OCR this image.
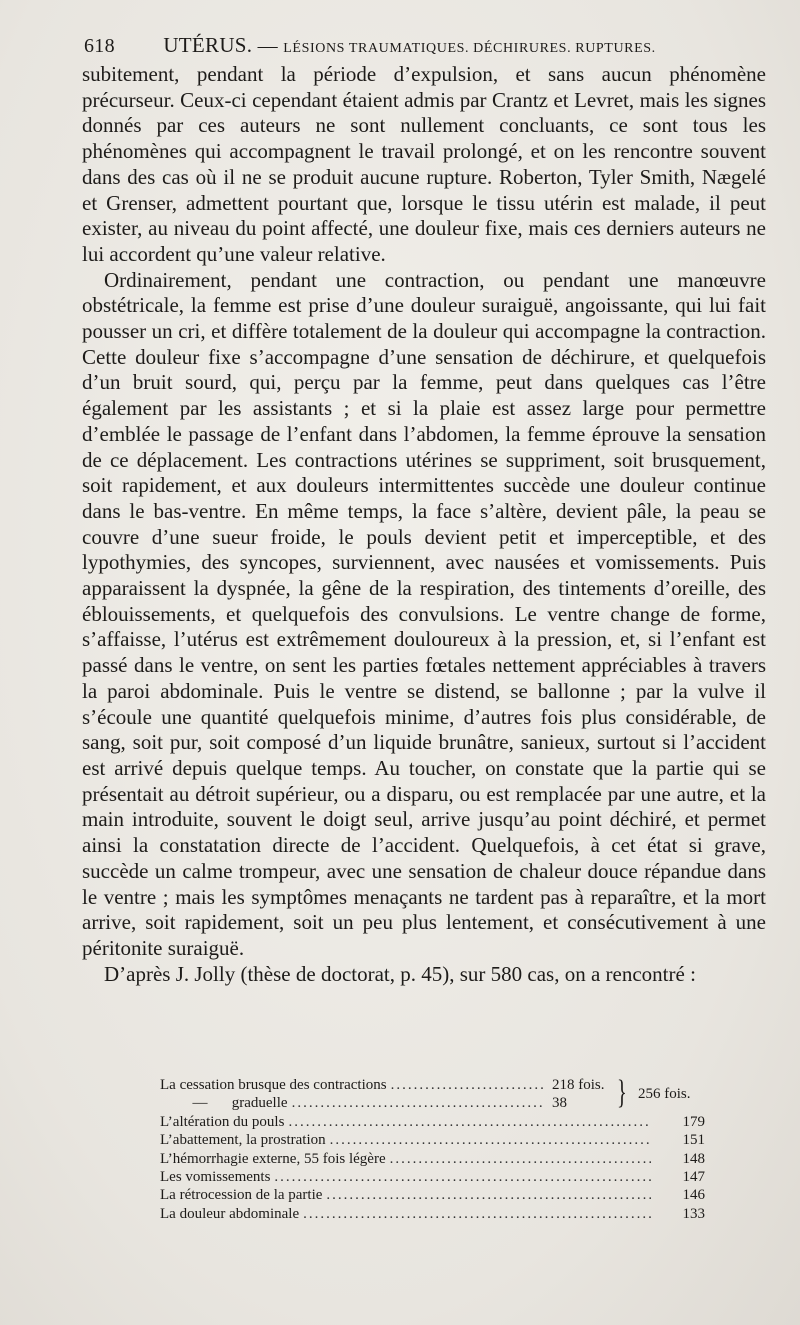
618 UTÉRUS. — LÉSIONS TRAUMATIQUES. DÉCHIRURES. RUPTURES.

subitement, pendant la période d’expulsion, et sans aucun phénomène précurseur. Ceux-ci cependant étaient admis par Crantz et Levret, mais les signes donnés par ces auteurs ne sont nullement concluants, ce sont tous les phénomènes qui accompagnent le travail prolongé, et on les rencontre souvent dans des cas où il ne se produit aucune rupture. Roberton, Tyler Smith, Nægelé et Grenser, admettent pourtant que, lorsque le tissu utérin est malade, il peut exister, au niveau du point affecté, une douleur fixe, mais ces derniers auteurs ne lui accordent qu’une valeur relative.

Ordinairement, pendant une contraction, ou pendant une manœuvre obstétricale, la femme est prise d’une douleur suraiguë, angoissante, qui lui fait pousser un cri, et diffère totalement de la douleur qui accompagne la contraction. Cette douleur fixe s’accompagne d’une sensation de déchirure, et quelquefois d’un bruit sourd, qui, perçu par la femme, peut dans quelques cas l’être également par les assistants ; et si la plaie est assez large pour permettre d’emblée le passage de l’enfant dans l’abdomen, la femme éprouve la sensation de ce déplacement. Les contractions utérines se suppriment, soit brusquement, soit rapidement, et aux douleurs intermittentes succède une douleur continue dans le bas-ventre. En même temps, la face s’altère, devient pâle, la peau se couvre d’une sueur froide, le pouls devient petit et imperceptible, et des lypothymies, des syncopes, surviennent, avec nausées et vomissements. Puis apparaissent la dyspnée, la gêne de la respiration, des tintements d’oreille, des éblouissements, et quelquefois des convulsions. Le ventre change de forme, s’affaisse, l’utérus est extrêmement douloureux à la pression, et, si l’enfant est passé dans le ventre, on sent les parties fœtales nettement appréciables à travers la paroi abdominale. Puis le ventre se distend, se ballonne ; par la vulve il s’écoule une quantité quelquefois minime, d’autres fois plus considérable, de sang, soit pur, soit composé d’un liquide brunâtre, sanieux, surtout si l’accident est arrivé depuis quelque temps. Au toucher, on constate que la partie qui se présentait au détroit supérieur, ou a disparu, ou est remplacée par une autre, et la main introduite, souvent le doigt seul, arrive jusqu’au point déchiré, et permet ainsi la constatation directe de l’accident. Quelquefois, à cet état si grave, succède un calme trompeur, avec une sensation de chaleur douce répandue dans le ventre ; mais les symptômes menaçants ne tardent pas à reparaître, et la mort arrive, soit rapidement, soit un peu plus lentement, et consécutivement à une péritonite suraiguë.

D’après J. Jolly (thèse de doctorat, p. 45), sur 580 cas, on a rencontré :

La cessation brusque des contractions .....	218 fois.
— graduelle .....	38	} 256 fois.
L’altération du pouls .....	179
L’abattement, la prostration .....	151
L’hémorrhagie externe, 55 fois légère .....	148
Les vomissements .....	147
La rétrocession de la partie .....	146
La douleur abdominale .....	133
